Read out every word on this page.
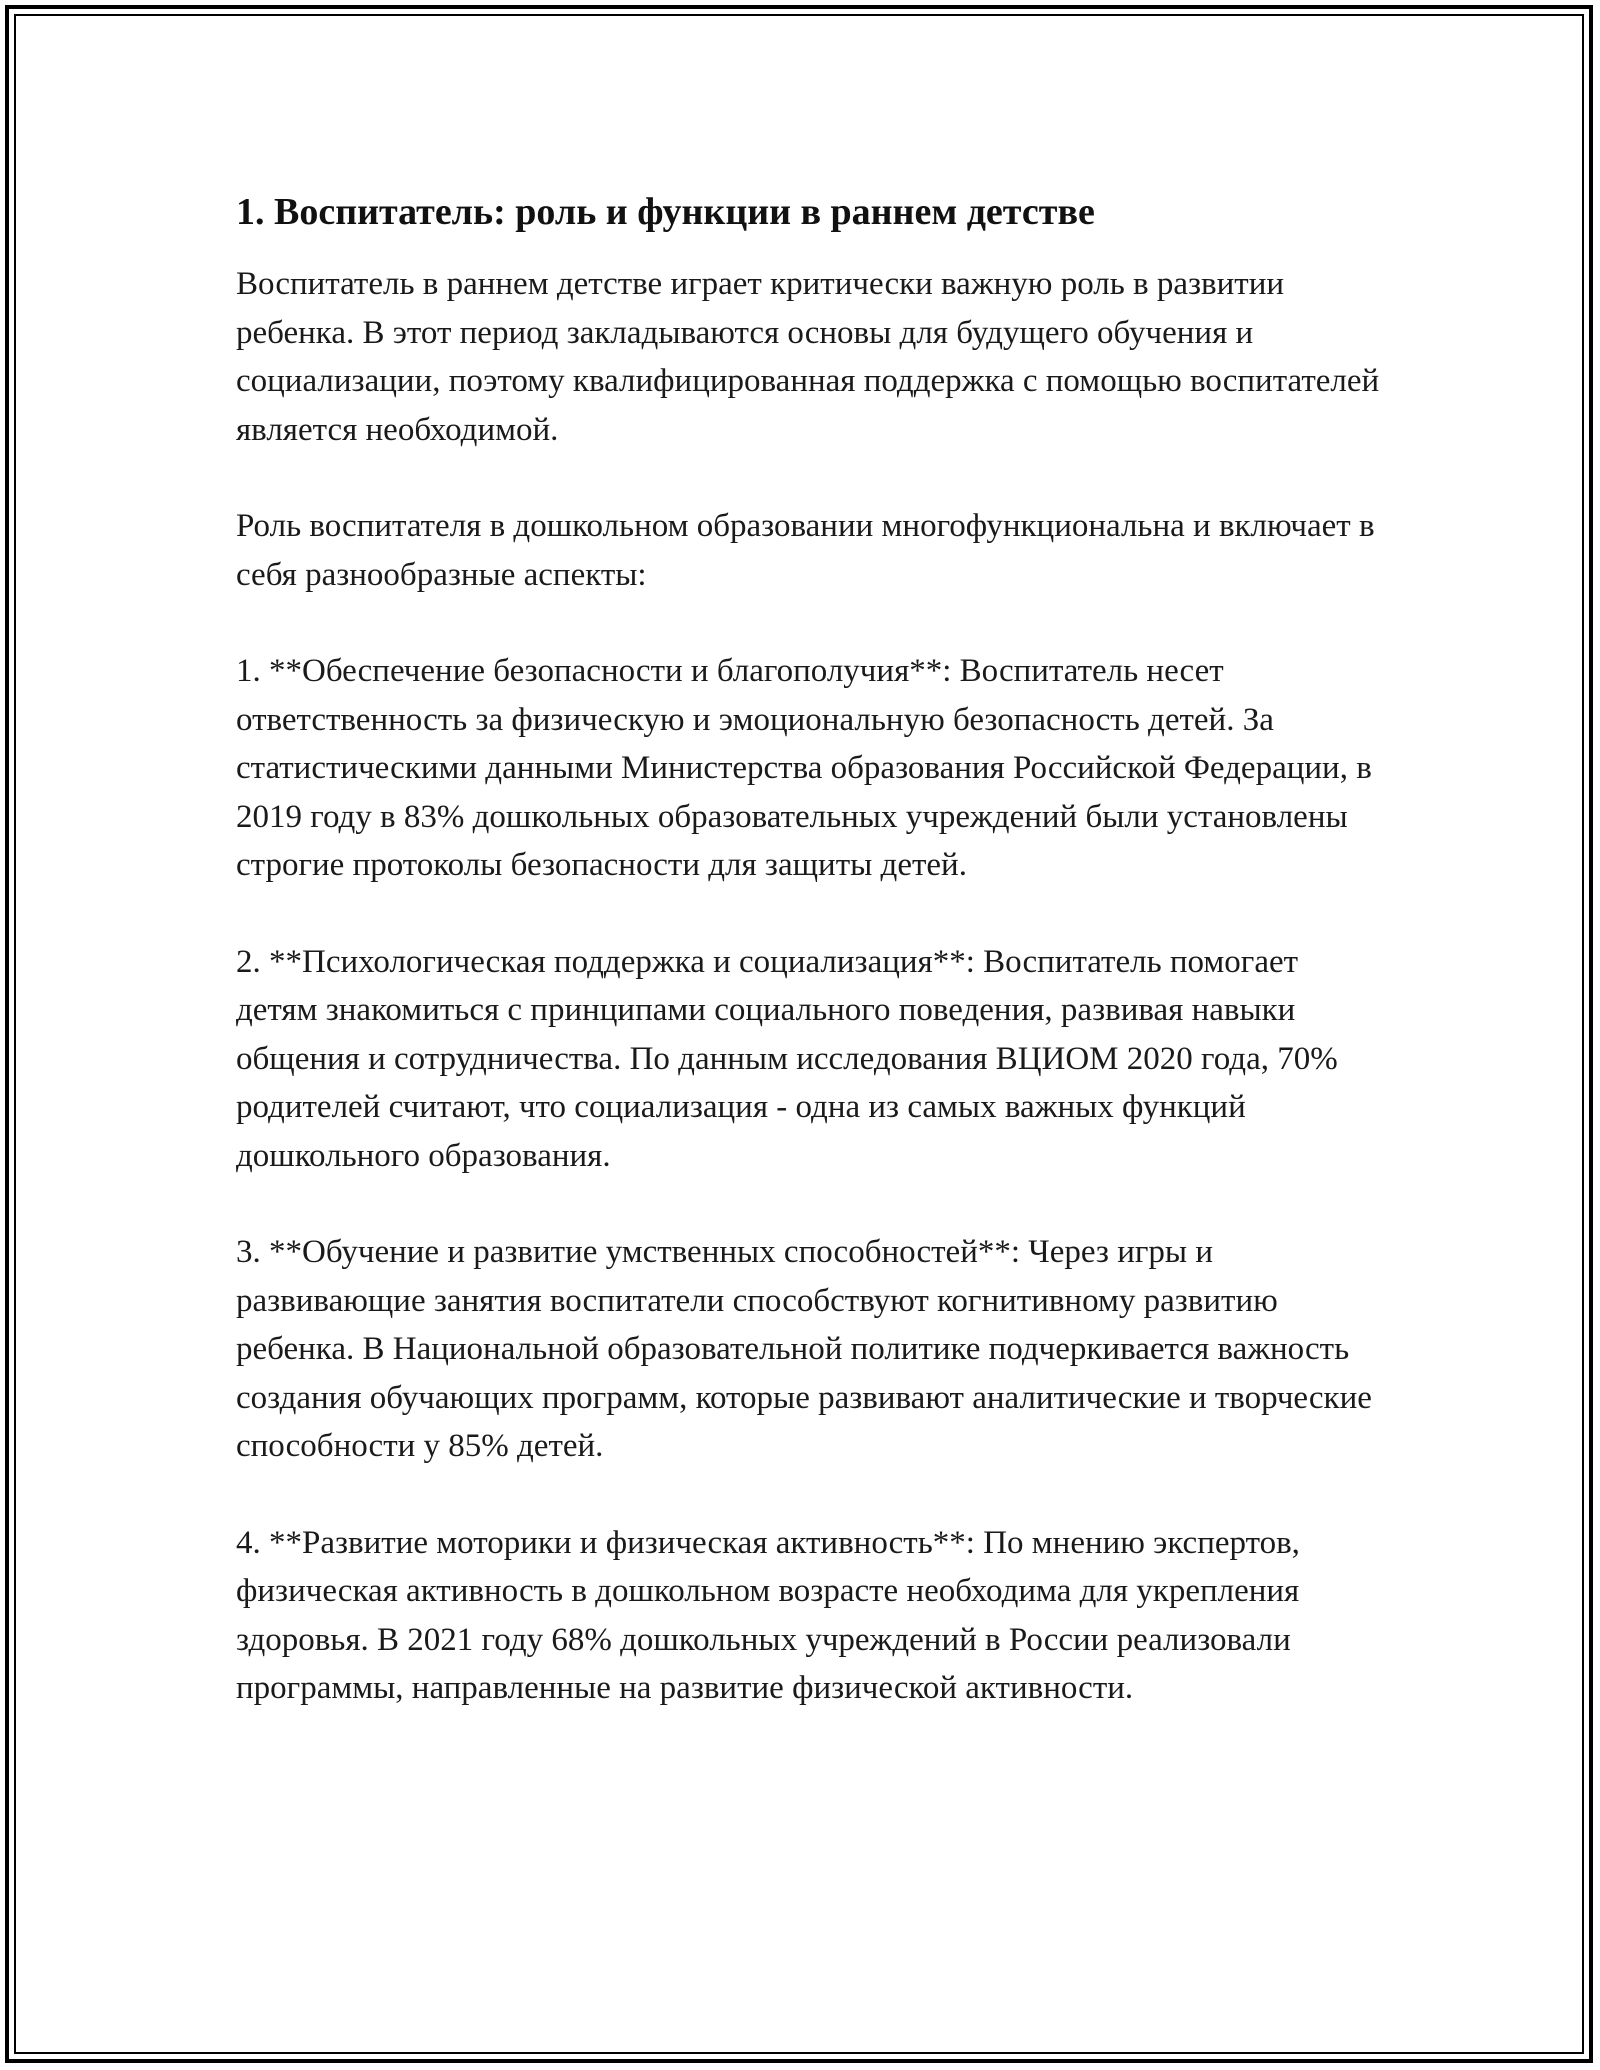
1. Воспитатель: роль и функции в раннем детстве

Воспитатель в раннем детстве играет критически важную роль в развитии ребенка. В этот период закладываются основы для будущего обучения и социализации, поэтому квалифицированная поддержка с помощью воспитателей является необходимой.

Роль воспитателя в дошкольном образовании многофункциональна и включает в себя разнообразные аспекты:

1. **Обеспечение безопасности и благополучия**: Воспитатель несет ответственность за физическую и эмоциональную безопасность детей. За статистическими данными Министерства образования Российской Федерации, в 2019 году в 83% дошкольных образовательных учреждений были установлены строгие протоколы безопасности для защиты детей.

2. **Психологическая поддержка и социализация**: Воспитатель помогает детям знакомиться с принципами социального поведения, развивая навыки общения и сотрудничества. По данным исследования ВЦИОМ 2020 года, 70% родителей считают, что социализация - одна из самых важных функций дошкольного образования.

3. **Обучение и развитие умственных способностей**: Через игры и развивающие занятия воспитатели способствуют когнитивному развитию ребенка. В Национальной образовательной политике подчеркивается важность создания обучающих программ, которые развивают аналитические и творческие способности у 85% детей.

4. **Развитие моторики и физическая активность**: По мнению экспертов, физическая активность в дошкольном возрасте необходима для укрепления здоровья. В 2021 году 68% дошкольных учреждений в России реализовали программы, направленные на развитие физической активности.
